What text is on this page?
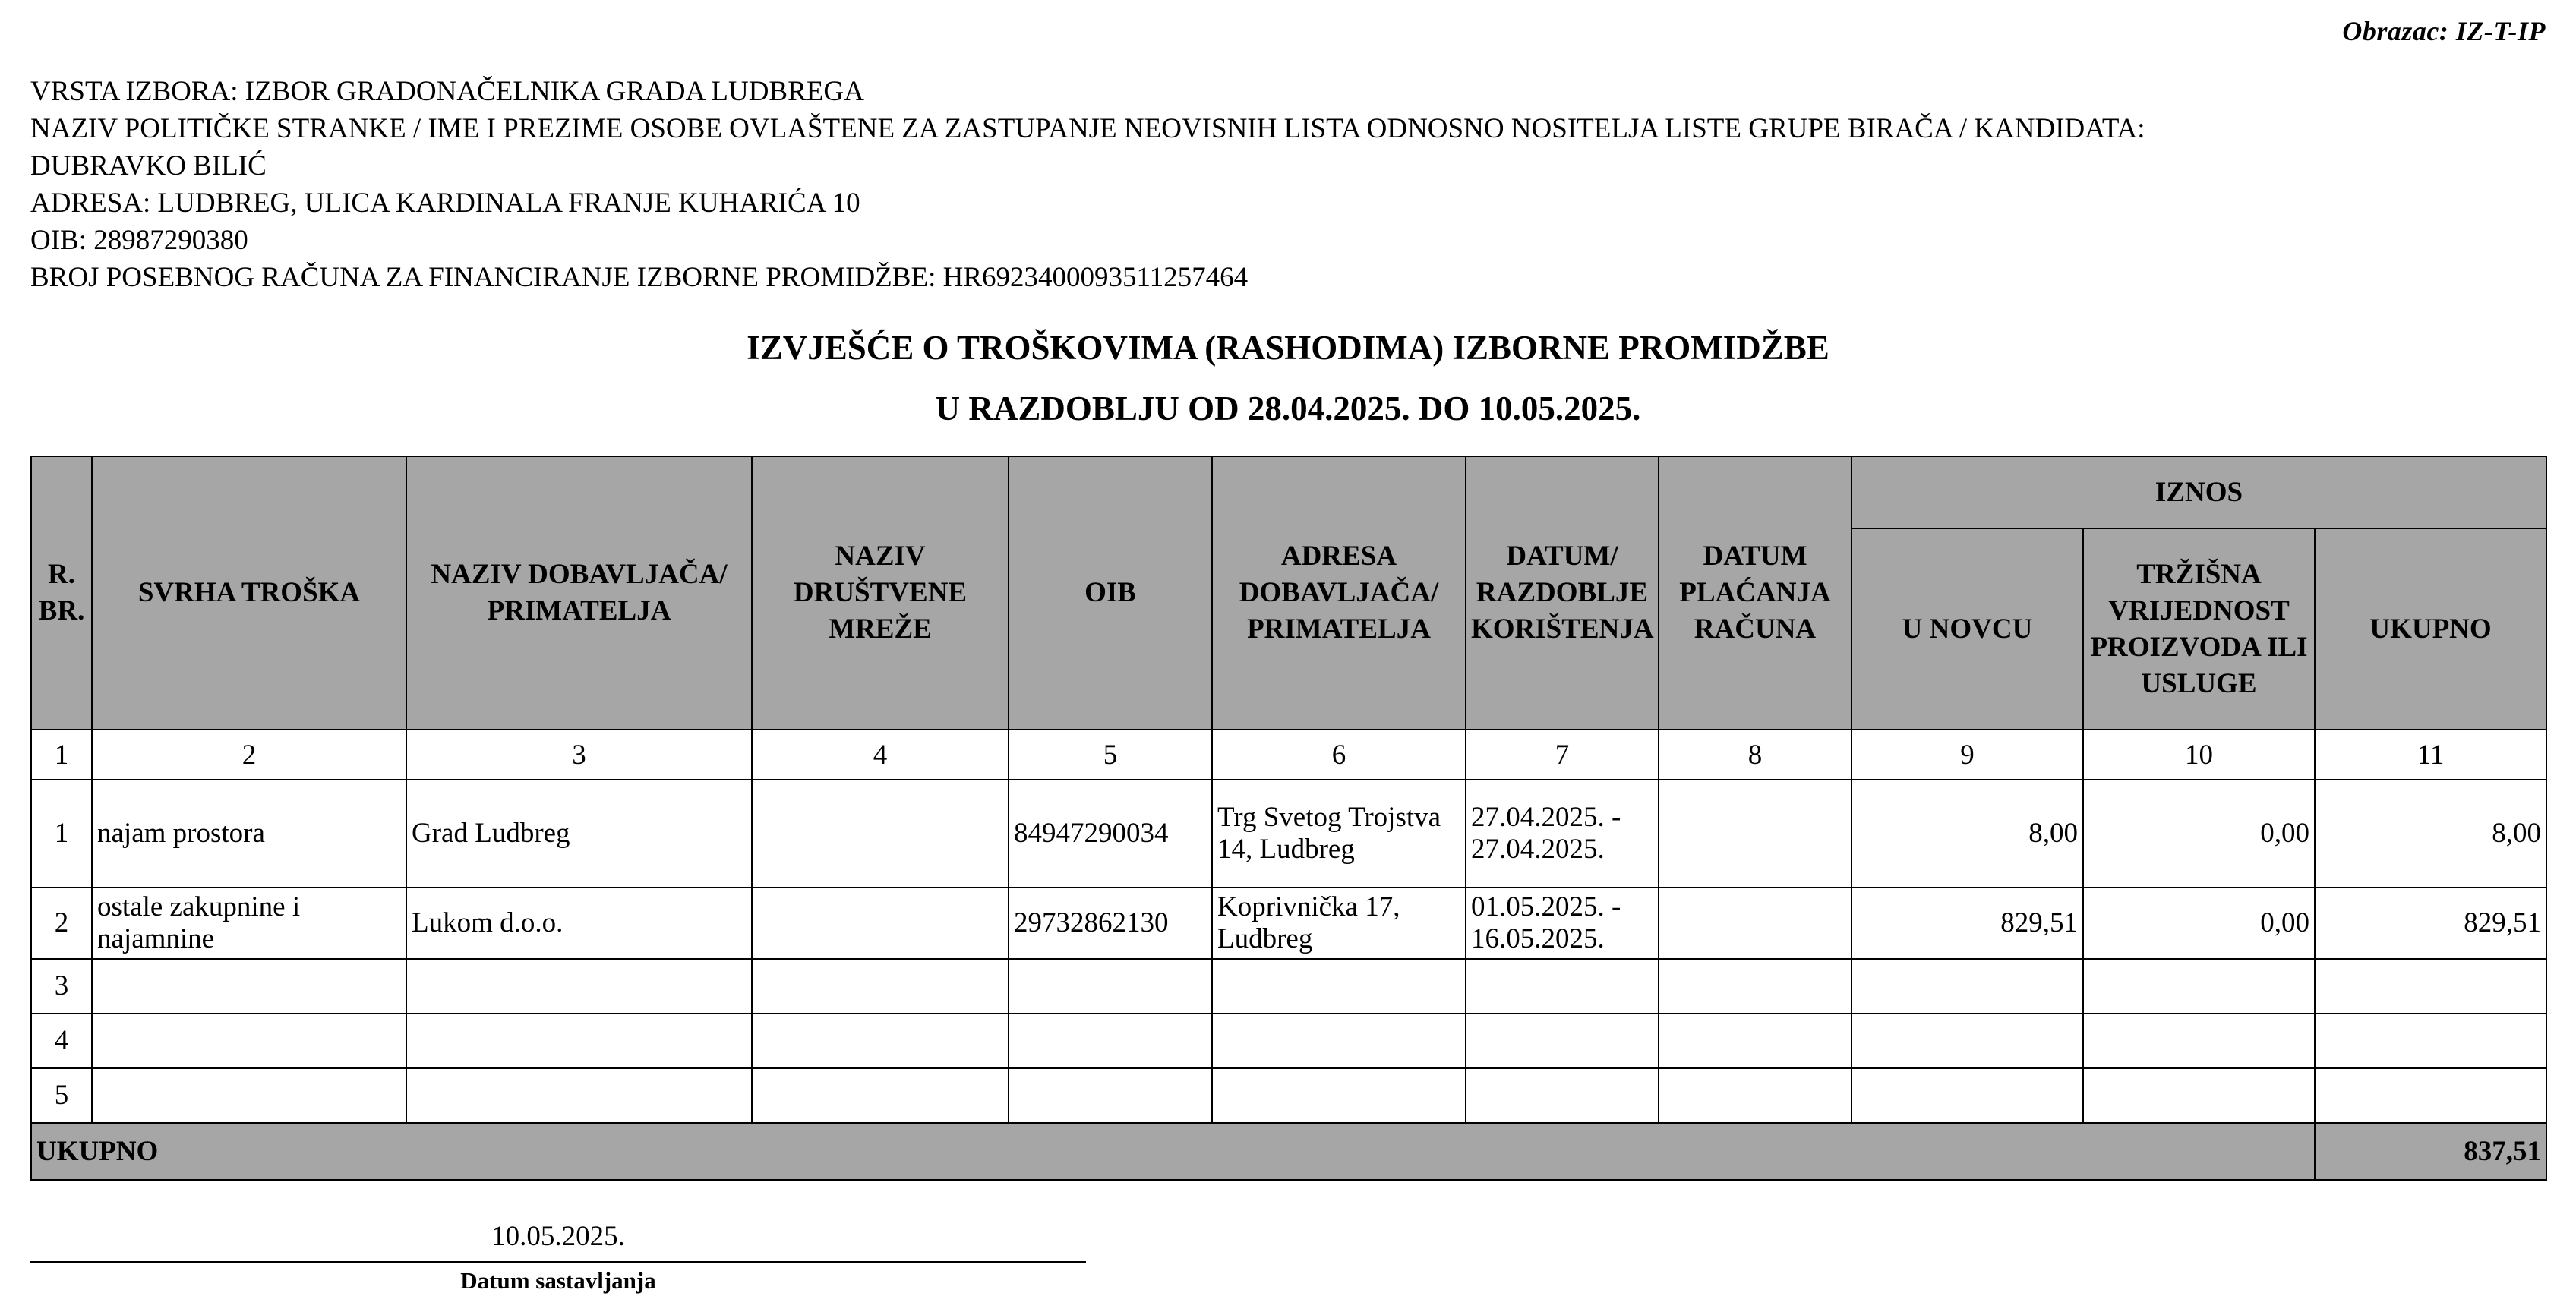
Obrazac: IZ-T-IP
VRSTA IZBORA: IZBOR GRADONAČELNIKA GRADA LUDBREGA
NAZIV POLITIČKE STRANKE / IME I PREZIME OSOBE OVLAŠTENE ZA ZASTUPANJE NEOVISNIH LISTA ODNOSNO NOSITELJA LISTE GRUPE BIRAČA / KANDIDATA:
DUBRAVKO BILIĆ
ADRESA: LUDBREG, ULICA KARDINALA FRANJE KUHARIĆA 10
OIB: 28987290380
BROJ POSEBNOG RAČUNA ZA FINANCIRANJE IZBORNE PROMIDŽBE: HR6923400093511257464
IZVJEŠĆE O TROŠKOVIMA (RASHODIMA) IZBORNE PROMIDŽBE
U RAZDOBLJU OD 28.04.2025. DO 10.05.2025.
R. BR.	SVRHA TROŠKA	NAZIV DOBAVLJAČA/ PRIMATELJA	NAZIV DRUŠTVENE MREŽE	OIB	ADRESA DOBAVLJAČA/ PRIMATELJA	DATUM/ RAZDOBLJE KORIŠTENJA	DATUM PLAĆANJA RAČUNA	IZNOS		
								U NOVCU	TRŽIŠNA VRIJEDNOST PROIZVODA ILI USLUGE	UKUPNO
1	2	3	4	5	6	7	8	9	10	11
1	najam prostora	Grad Ludbreg		84947290034	Trg Svetog Trojstva 14, Ludbreg	27.04.2025. - 27.04.2025.		8,00	0,00	8,00
2	ostale zakupnine i najamnine	Lukom d.o.o.		29732862130	Koprivnička 17, Ludbreg	01.05.2025. - 16.05.2025.		829,51	0,00	829,51
3										
4										
5										
UKUPNO										837,51
10.05.2025.
Datum sastavljanja
